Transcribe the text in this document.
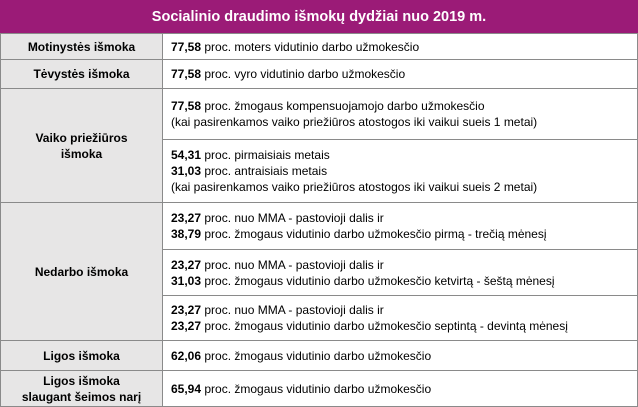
Socialinio draudimo išmokų dydžiai nuo 2019 m.
Motinystės išmoka	77,58 proc. moters vidutinio darbo užmokesčio

Tėvystės išmoka	77,58 proc. vyro vidutinio darbo užmokesčio

Vaiko priežiūros
išmoka	77,58 proc. žmogaus kompensuojamojo darbo užmokesčio
(kai pasirenkamos vaiko priežiūros atostogos iki vaikui sueis 1 metai)

	54,31 proc. pirmaisiais metais
31,03 proc. antraisiais metais
(kai pasirenkamos vaiko priežiūros atostogos iki vaikui sueis 2 metai)

Nedarbo išmoka	23,27 proc. nuo MMA - pastovioji dalis ir
38,79 proc. žmogaus vidutinio darbo užmokesčio pirmą - trečią mėnesį

	23,27 proc. nuo MMA - pastovioji dalis ir
31,03 proc. žmogaus vidutinio darbo užmokesčio ketvirtą - šeštą mėnesį

	23,27 proc. nuo MMA - pastovioji dalis ir
23,27 proc. žmogaus vidutinio darbo užmokesčio septintą - devintą mėnesį

Ligos išmoka	62,06 proc. žmogaus vidutinio darbo užmokesčio

Ligos išmoka
slaugant šeimos narį	65,94 proc. žmogaus vidutinio darbo užmokesčio
